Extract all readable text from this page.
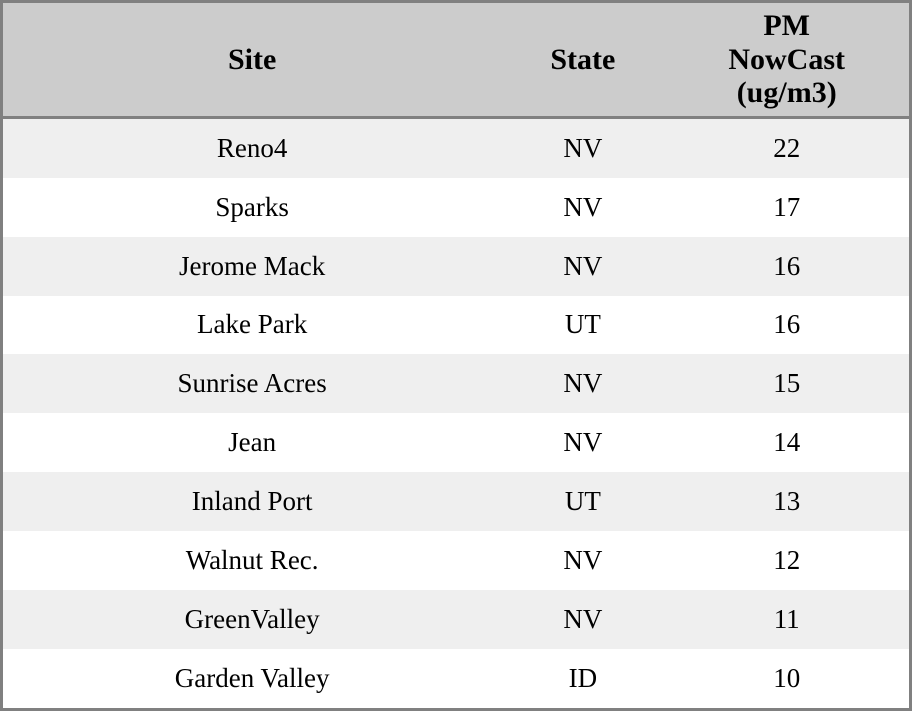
Site	State	PM
NowCast
(ug/m3)

Reno4	NV	22
Sparks	NV	17
Jerome Mack	NV	16
Lake Park	UT	16
Sunrise Acres	NV	15
Jean	NV	14
Inland Port	UT	13
Walnut Rec.	NV	12
GreenValley	NV	11
Garden Valley	ID	10
